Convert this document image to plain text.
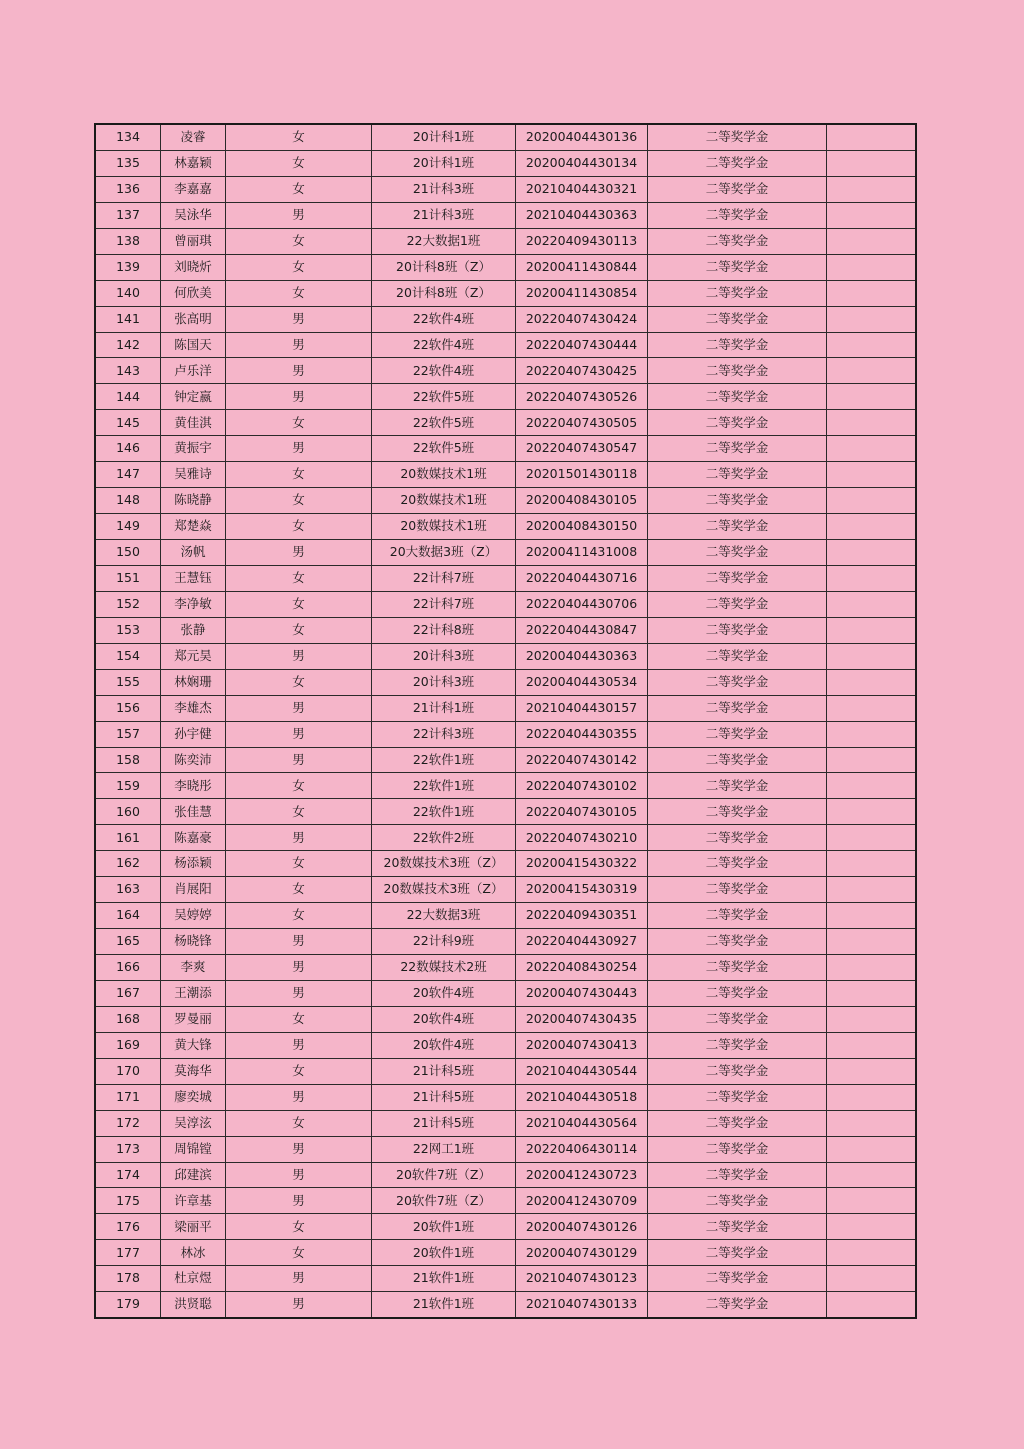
134	凌睿	女	20计科1班	20200404430136	二等奖学金	
135	林嘉颖	女	20计科1班	20200404430134	二等奖学金	
136	李嘉嘉	女	21计科3班	20210404430321	二等奖学金	
137	吴泳华	男	21计科3班	20210404430363	二等奖学金	
138	曾丽琪	女	22大数据1班	20220409430113	二等奖学金	
139	刘晓炘	女	20计科8班（Z）	20200411430844	二等奖学金	
140	何欣美	女	20计科8班（Z）	20200411430854	二等奖学金	
141	张高明	男	22软件4班	20220407430424	二等奖学金	
142	陈国天	男	22软件4班	20220407430444	二等奖学金	
143	卢乐洋	男	22软件4班	20220407430425	二等奖学金	
144	钟定嬴	男	22软件5班	20220407430526	二等奖学金	
145	黄佳淇	女	22软件5班	20220407430505	二等奖学金	
146	黄振宇	男	22软件5班	20220407430547	二等奖学金	
147	吴雅诗	女	20数媒技术1班	20201501430118	二等奖学金	
148	陈晓静	女	20数媒技术1班	20200408430105	二等奖学金	
149	郑楚焱	女	20数媒技术1班	20200408430150	二等奖学金	
150	汤帆	男	20大数据3班（Z）	20200411431008	二等奖学金	
151	王慧钰	女	22计科7班	20220404430716	二等奖学金	
152	李净敏	女	22计科7班	20220404430706	二等奖学金	
153	张静	女	22计科8班	20220404430847	二等奖学金	
154	郑元昊	男	20计科3班	20200404430363	二等奖学金	
155	林娴珊	女	20计科3班	20200404430534	二等奖学金	
156	李雄杰	男	21计科1班	20210404430157	二等奖学金	
157	孙宇健	男	22计科3班	20220404430355	二等奖学金	
158	陈奕沛	男	22软件1班	20220407430142	二等奖学金	
159	李晓彤	女	22软件1班	20220407430102	二等奖学金	
160	张佳慧	女	22软件1班	20220407430105	二等奖学金	
161	陈嘉豪	男	22软件2班	20220407430210	二等奖学金	
162	杨添颖	女	20数媒技术3班（Z）	20200415430322	二等奖学金	
163	肖展阳	女	20数媒技术3班（Z）	20200415430319	二等奖学金	
164	吴婷婷	女	22大数据3班	20220409430351	二等奖学金	
165	杨晓锋	男	22计科9班	20220404430927	二等奖学金	
166	李爽	男	22数媒技术2班	20220408430254	二等奖学金	
167	王潮添	男	20软件4班	20200407430443	二等奖学金	
168	罗曼丽	女	20软件4班	20200407430435	二等奖学金	
169	黄大锋	男	20软件4班	20200407430413	二等奖学金	
170	莫海华	女	21计科5班	20210404430544	二等奖学金	
171	廖奕城	男	21计科5班	20210404430518	二等奖学金	
172	吴淳泫	女	21计科5班	20210404430564	二等奖学金	
173	周锦镗	男	22网工1班	20220406430114	二等奖学金	
174	邱建滨	男	20软件7班（Z）	20200412430723	二等奖学金	
175	许章基	男	20软件7班（Z）	20200412430709	二等奖学金	
176	梁丽平	女	20软件1班	20200407430126	二等奖学金	
177	林冰	女	20软件1班	20200407430129	二等奖学金	
178	杜京煜	男	21软件1班	20210407430123	二等奖学金	
179	洪贤聪	男	21软件1班	20210407430133	二等奖学金	
